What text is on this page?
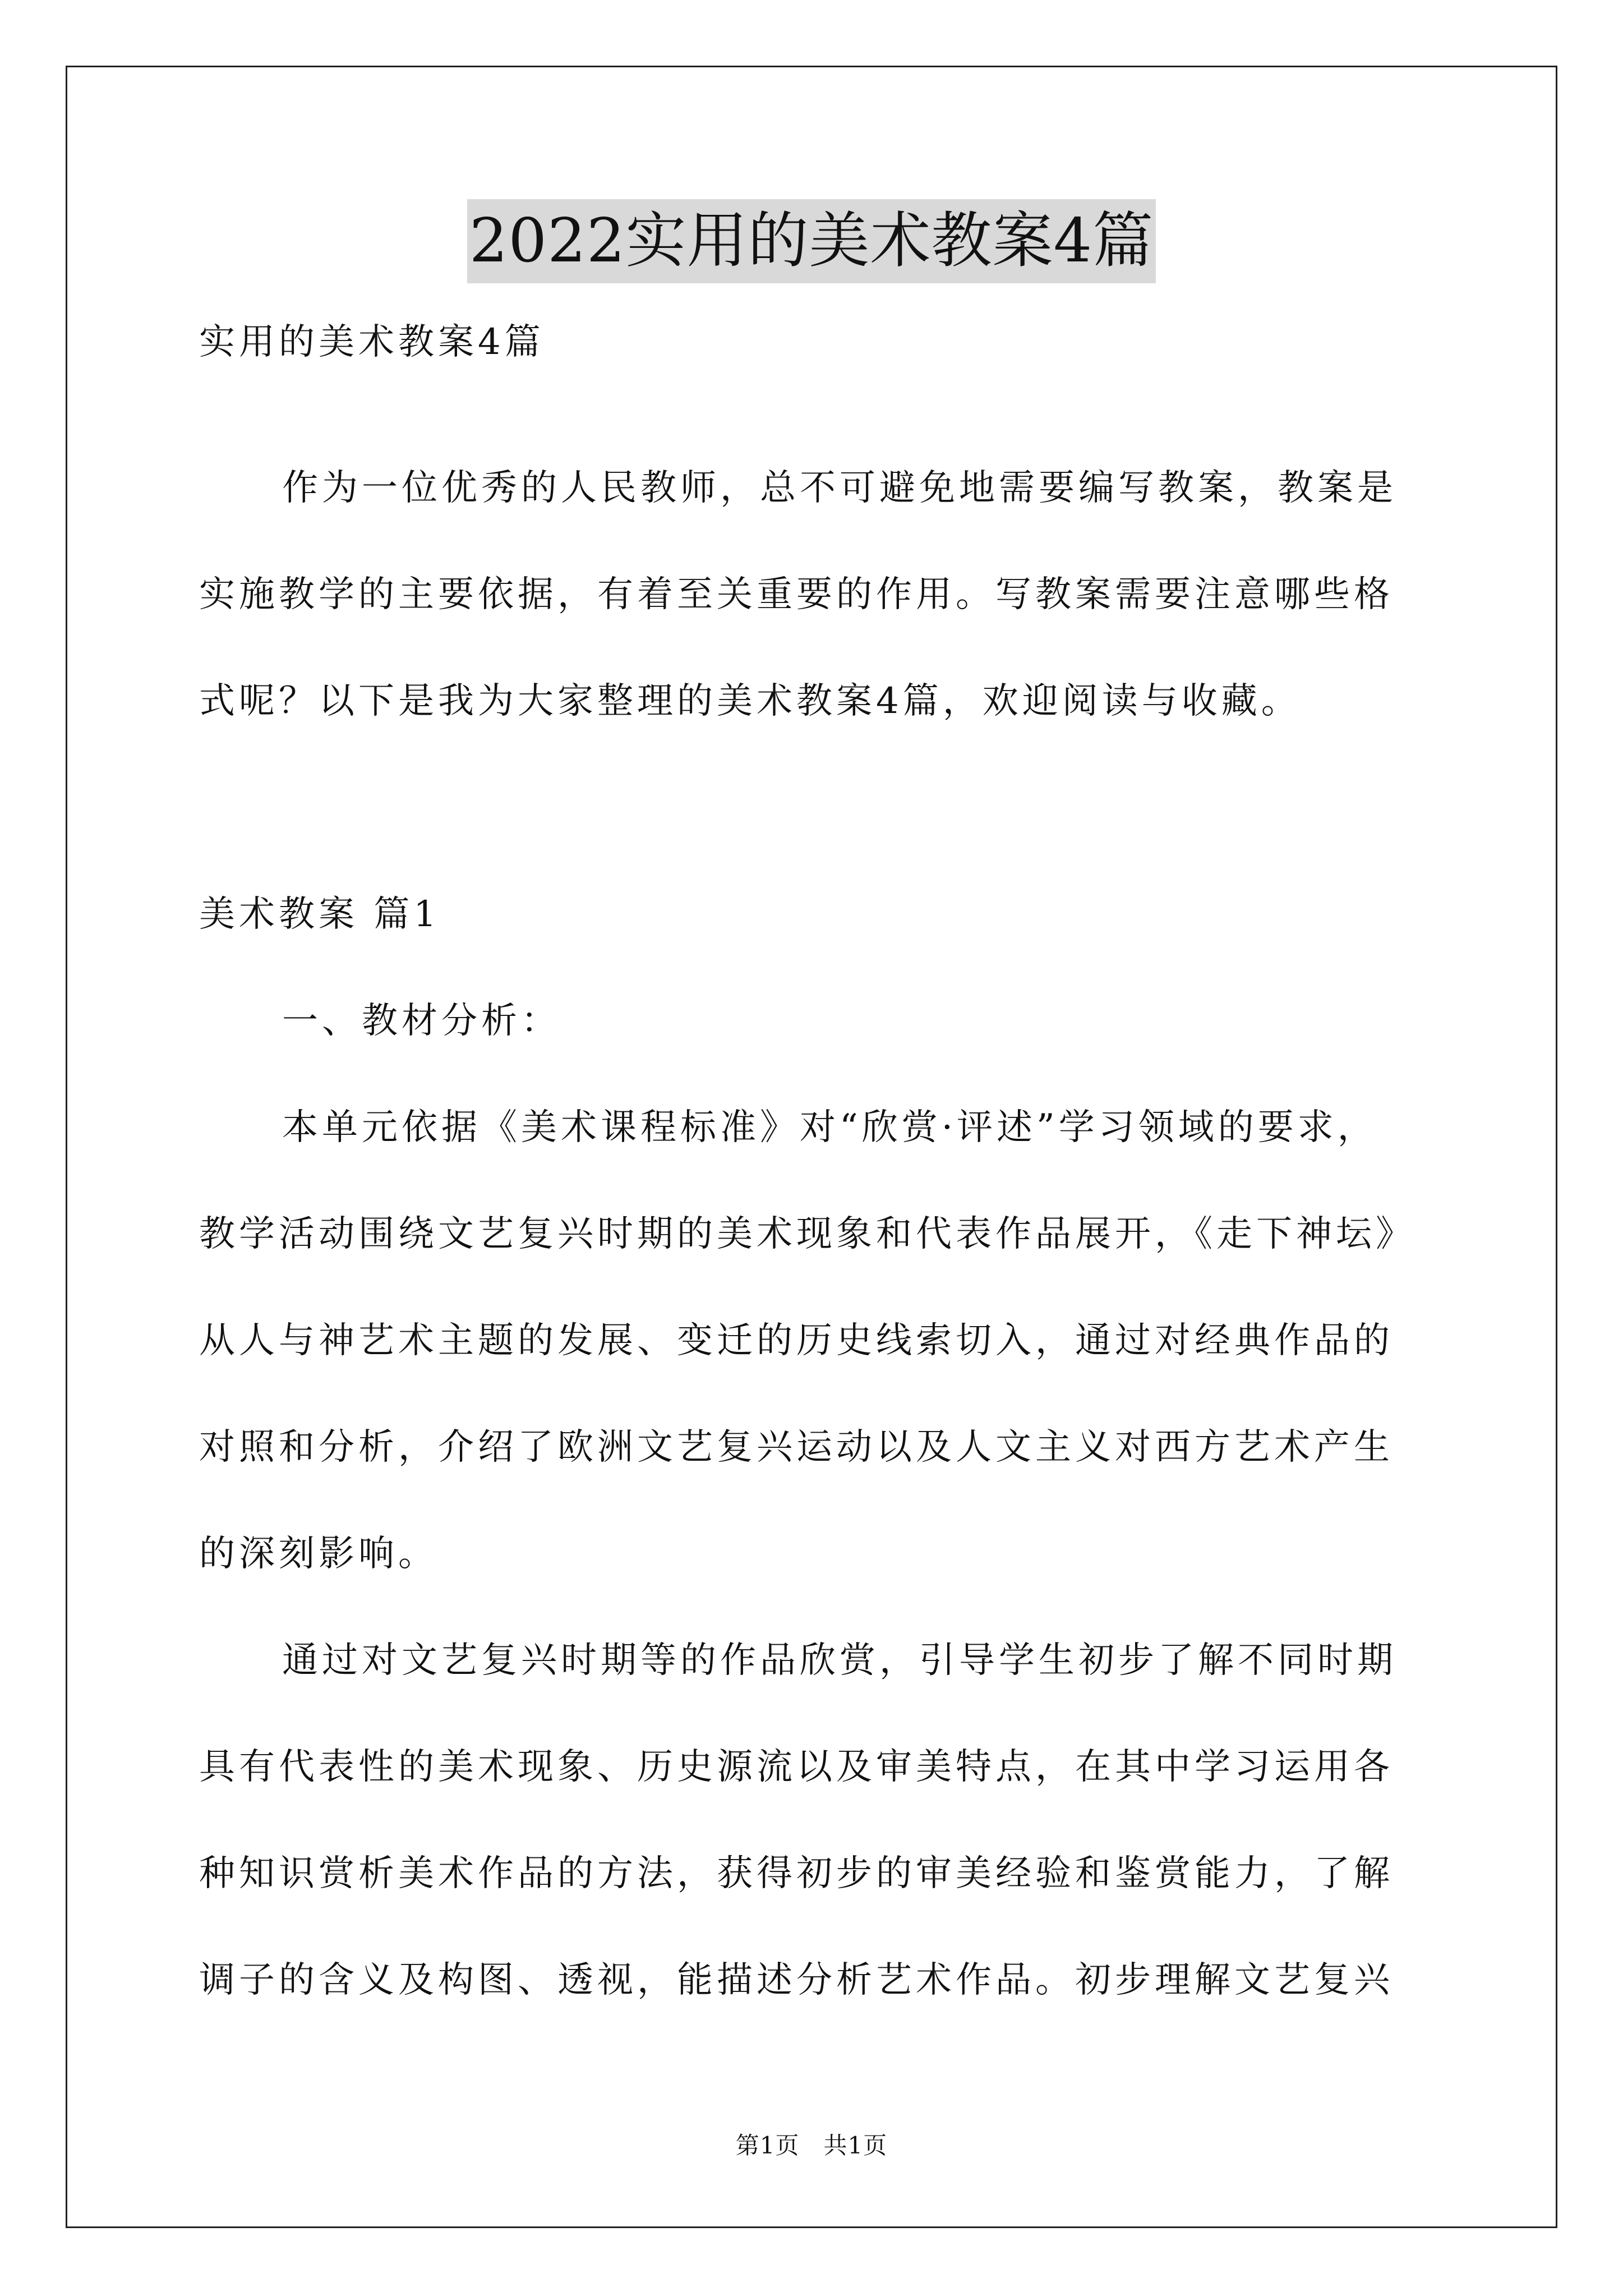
2022实用的美术教案4篇
实用的美术教案4篇
作为一位优秀的人民教师，总不可避免地需要编写教案，教案是
实施教学的主要依据，有着至关重要的作用。写教案需要注意哪些格
式呢？以下是我为大家整理的美术教案4篇，欢迎阅读与收藏。
美术教案 篇1
一、教材分析：
本单元依据《美术课程标准》对“欣赏·评述”学习领域的要求，
教学活动围绕文艺复兴时期的美术现象和代表作品展开，《走下神坛》
从人与神艺术主题的发展、变迁的历史线索切入，通过对经典作品的
对照和分析，介绍了欧洲文艺复兴运动以及人文主义对西方艺术产生
的深刻影响。
通过对文艺复兴时期等的作品欣赏，引导学生初步了解不同时期
具有代表性的美术现象、历史源流以及审美特点，在其中学习运用各
种知识赏析美术作品的方法，获得初步的审美经验和鉴赏能力，了解
调子的含义及构图、透视，能描述分析艺术作品。初步理解文艺复兴
第1页　共1页
